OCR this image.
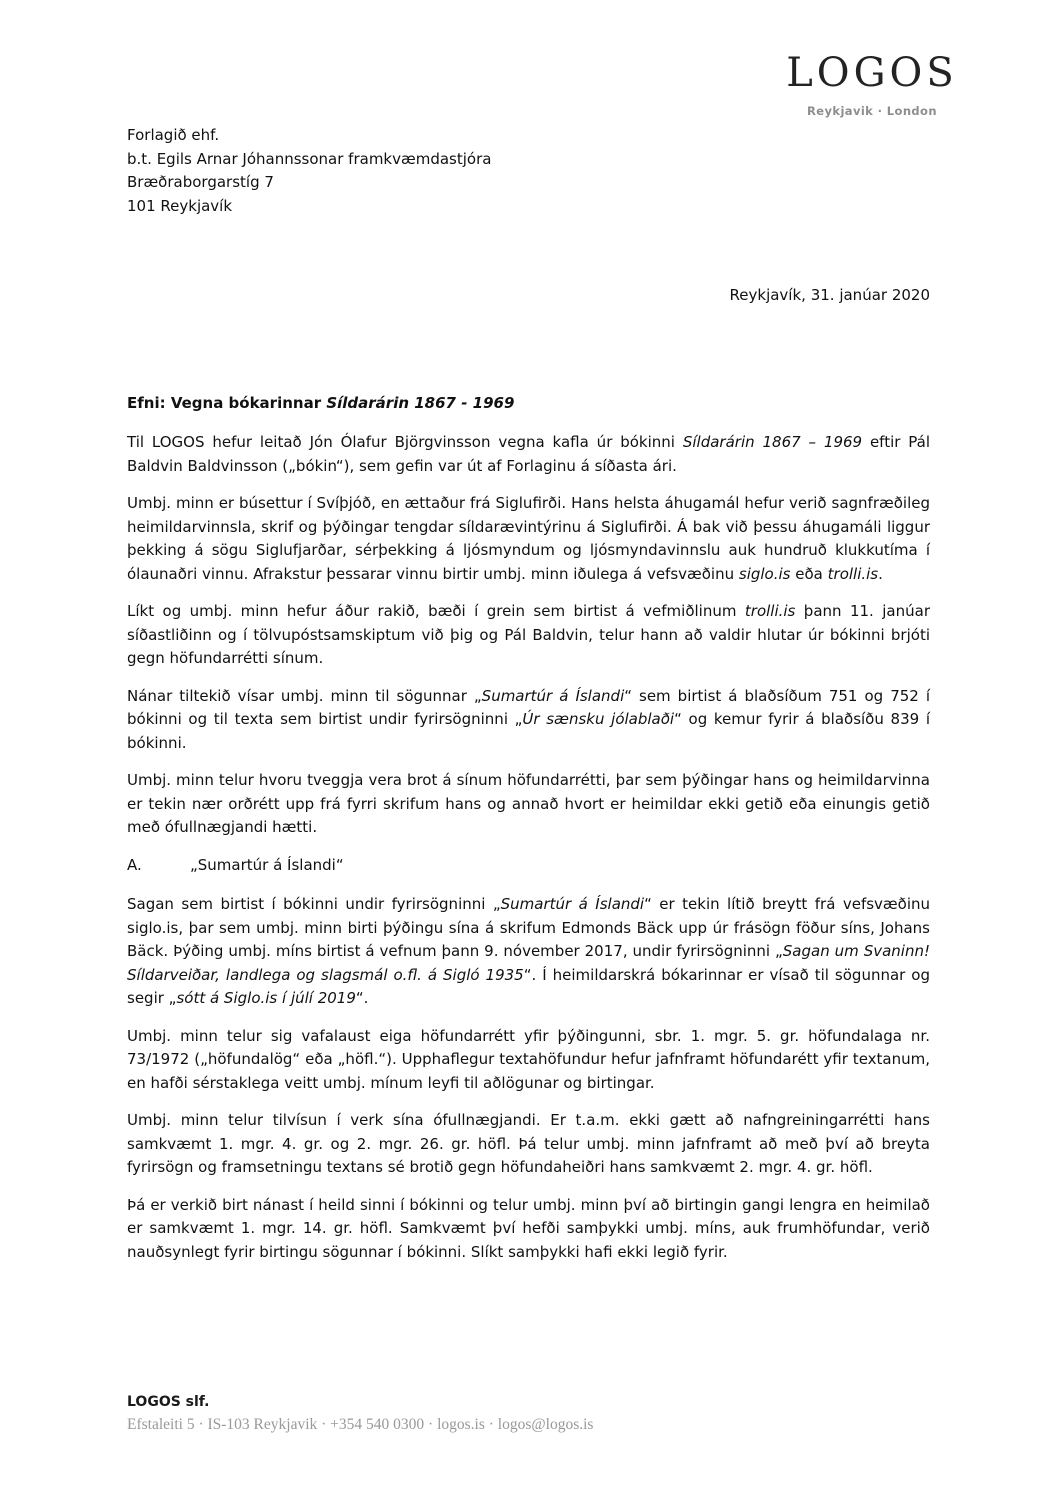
LOGOS
Reykjavik · London
Forlagið ehf.
b.t. Egils Arnar Jóhannssonar framkvæmdastjóra
Bræðraborgarstíg 7
101 Reykjavík
Reykjavík, 31. janúar 2020
Efni: Vegna bókarinnar Síldarárin 1867 - 1969

Til LOGOS hefur leitað Jón Ólafur Björgvinsson vegna kafla úr bókinni Síldarárin 1867 – 1969 eftir Pál Baldvin Baldvinsson („bókin“), sem gefin var út af Forlaginu á síðasta ári.

Umbj. minn er búsettur í Svíþjóð, en ættaður frá Siglufirði. Hans helsta áhugamál hefur verið sagnfræðileg heimildarvinnsla, skrif og þýðingar tengdar síldarævintýrinu á Siglufirði. Á bak við þessu áhugamáli liggur þekking á sögu Siglufjarðar, sérþekking á ljósmyndum og ljósmyndavinnslu auk hundruð klukkutíma í ólaunaðri vinnu. Afrakstur þessarar vinnu birtir umbj. minn iðulega á vefsvæðinu siglo.is eða trolli.is.

Líkt og umbj. minn hefur áður rakið, bæði í grein sem birtist á vefmiðlinum trolli.is þann 11. janúar síðastliðinn og í tölvupóstsamskiptum við þig og Pál Baldvin, telur hann að valdir hlutar úr bókinni brjóti gegn höfundarrétti sínum.

Nánar tiltekið vísar umbj. minn til sögunnar „Sumartúr á Íslandi“ sem birtist á blaðsíðum 751 og 752 í bókinni og til texta sem birtist undir fyrirsögninni „Úr sænsku jólablaði“ og kemur fyrir á blaðsíðu 839 í bókinni.

Umbj. minn telur hvoru tveggja vera brot á sínum höfundarrétti, þar sem þýðingar hans og heimildarvinna er tekin nær orðrétt upp frá fyrri skrifum hans og annað hvort er heimildar ekki getið eða einungis getið með ófullnægjandi hætti.

A.	„Sumartúr á Íslandi“

Sagan sem birtist í bókinni undir fyrirsögninni „Sumartúr á Íslandi“ er tekin lítið breytt frá vefsvæðinu siglo.is, þar sem umbj. minn birti þýðingu sína á skrifum Edmonds Bäck upp úr frásögn föður síns, Johans Bäck. Þýðing umbj. míns birtist á vefnum þann 9. nóvember 2017, undir fyrirsögninni „Sagan um Svaninn! Síldarveiðar, landlega og slagsmál o.fl. á Sigló 1935“. Í heimildarskrá bókarinnar er vísað til sögunnar og segir „sótt á Siglo.is í júlí 2019“.

Umbj. minn telur sig vafalaust eiga höfundarrétt yfir þýðingunni, sbr. 1. mgr. 5. gr. höfundalaga nr. 73/1972 („höfundalög“ eða „höfl.“). Upphaflegur textahöfundur hefur jafnframt höfundarétt yfir textanum, en hafði sérstaklega veitt umbj. mínum leyfi til aðlögunar og birtingar.

Umbj. minn telur tilvísun í verk sína ófullnægjandi. Er t.a.m. ekki gætt að nafngreiningarrétti hans samkvæmt 1. mgr. 4. gr. og 2. mgr. 26. gr. höfl. Þá telur umbj. minn jafnframt að með því að breyta fyrirsögn og framsetningu textans sé brotið gegn höfundaheiðri hans samkvæmt 2. mgr. 4. gr. höfl.

Þá er verkið birt nánast í heild sinni í bókinni og telur umbj. minn því að birtingin gangi lengra en heimilað er samkvæmt 1. mgr. 14. gr. höfl. Samkvæmt því hefði samþykki umbj. míns, auk frumhöfundar, verið nauðsynlegt fyrir birtingu sögunnar í bókinni. Slíkt samþykki hafi ekki legið fyrir.

LOGOS slf.
Efstaleiti 5 · IS-103 Reykjavik · +354 540 0300 · logos.is · logos@logos.is
